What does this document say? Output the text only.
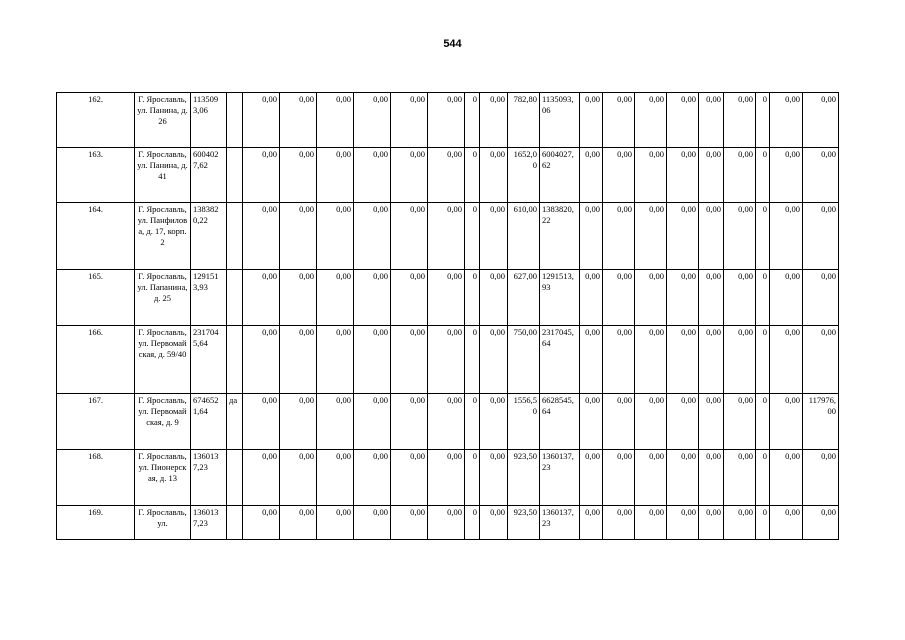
544
162.	Г. Ярославль, ул. Панина, д. 26	1135093,06		0,00	0,00	0,00	0,00	0,00	0,00	0	0,00	782,80	1135093,06	0,00	0,00	0,00	0,00	0,00	0,00	0	0,00	0,00
163.	Г. Ярославль, ул. Панина, д. 41	6004027,62		0,00	0,00	0,00	0,00	0,00	0,00	0	0,00	1652,00	6004027,62	0,00	0,00	0,00	0,00	0,00	0,00	0	0,00	0,00
164.	Г. Ярославль, ул. Панфилова, д. 17, корп. 2	1383820,22		0,00	0,00	0,00	0,00	0,00	0,00	0	0,00	610,00	1383820,22	0,00	0,00	0,00	0,00	0,00	0,00	0	0,00	0,00
165.	Г. Ярославль, ул. Папанина, д. 25	1291513,93		0,00	0,00	0,00	0,00	0,00	0,00	0	0,00	627,00	1291513,93	0,00	0,00	0,00	0,00	0,00	0,00	0	0,00	0,00
166.	Г. Ярославль, ул. Первомайская, д. 59/40	2317045,64		0,00	0,00	0,00	0,00	0,00	0,00	0	0,00	750,00	2317045,64	0,00	0,00	0,00	0,00	0,00	0,00	0	0,00	0,00
167.	Г. Ярославль, ул. Первомайская, д. 9	6746521,64	да	0,00	0,00	0,00	0,00	0,00	0,00	0	0,00	1556,50	6628545,64	0,00	0,00	0,00	0,00	0,00	0,00	0	0,00	117976,00
168.	Г. Ярославль, ул. Пионерская, д. 13	1360137,23		0,00	0,00	0,00	0,00	0,00	0,00	0	0,00	923,50	1360137,23	0,00	0,00	0,00	0,00	0,00	0,00	0	0,00	0,00
169.	Г. Ярославль, ул.	1360137,23		0,00	0,00	0,00	0,00	0,00	0,00	0	0,00	923,50	1360137,23	0,00	0,00	0,00	0,00	0,00	0,00	0	0,00	0,00
